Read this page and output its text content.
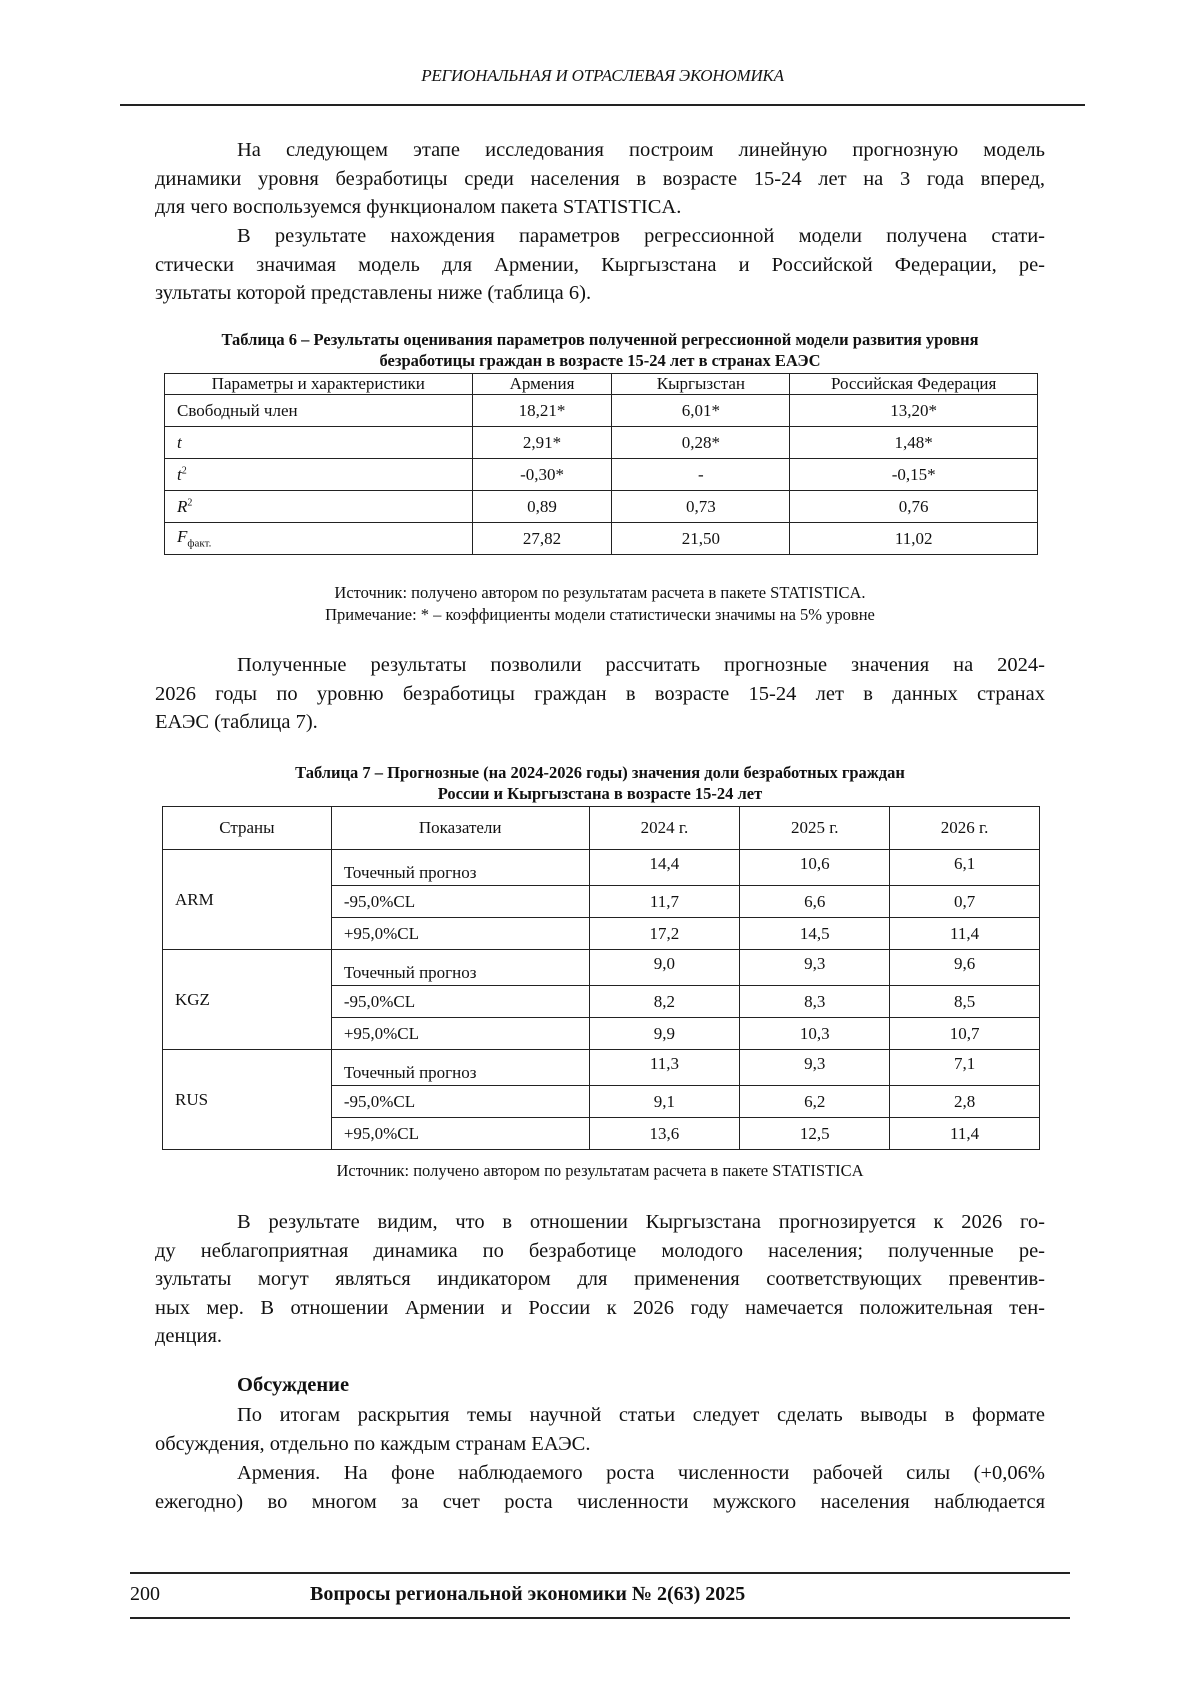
РЕГИОНАЛЬНАЯ И ОТРАСЛЕВАЯ ЭКОНОМИКА
На следующем этапе исследования построим линейную прогнозную модель
динамики уровня безработицы среди населения в возрасте 15-24 лет на 3 года вперед,
для чего воспользуемся функционалом пакета STATISTICA.
В результате нахождения параметров регрессионной модели получена стати-
стически значимая модель для Армении, Кыргызстана и Российской Федерации, ре-
зультаты которой представлены ниже (таблица 6).
Таблица 6 – Результаты оценивания параметров полученной регрессионной модели развития уровня
безработицы граждан в возрасте 15-24 лет в странах ЕАЭС
Параметры и характеристики	Армения	Кыргызстан	Российская Федерация
Свободный член	18,21*	6,01*	13,20*
t	2,91*	0,28*	1,48*
$t^2$	-0,30*	-	-0,15*
$R^2$	0,89	0,73	0,76
$F_{факт.}$	27,82	21,50	11,02
Источник: получено автором по результатам расчета в пакете STATISTICA.
Примечание: * – коэффициенты модели статистически значимы на 5% уровне
Полученные результаты позволили рассчитать прогнозные значения на 2024-
2026 годы по уровню безработицы граждан в возрасте 15-24 лет в данных странах
ЕАЭС (таблица 7).
Таблица 7 – Прогнозные (на 2024-2026 годы) значения доли безработных граждан
России и Кыргызстана в возрасте 15-24 лет
Страны	Показатели	2024 г.	2025 г.	2026 г.
ARM	Точечный прогноз	14,4	10,6	6,1
	-95,0%CL	11,7	6,6	0,7
	+95,0%CL	17,2	14,5	11,4
KGZ	Точечный прогноз	9,0	9,3	9,6
	-95,0%CL	8,2	8,3	8,5
	+95,0%CL	9,9	10,3	10,7
RUS	Точечный прогноз	11,3	9,3	7,1
	-95,0%CL	9,1	6,2	2,8
	+95,0%CL	13,6	12,5	11,4
Источник: получено автором по результатам расчета в пакете STATISTICA
В результате видим, что в отношении Кыргызстана прогнозируется к 2026 го-
ду неблагоприятная динамика по безработице молодого населения; полученные ре-
зультаты могут являться индикатором для применения соответствующих превентив-
ных мер. В отношении Армении и России к 2026 году намечается положительная тен-
денция.
Обсуждение
По итогам раскрытия темы научной статьи следует сделать выводы в формате
обсуждения, отдельно по каждым странам ЕАЭС.
Армения. На фоне наблюдаемого роста численности рабочей силы (+0,06%
ежегодно) во многом за счет роста численности мужского населения наблюдается
200	Вопросы региональной экономики № 2(63) 2025
